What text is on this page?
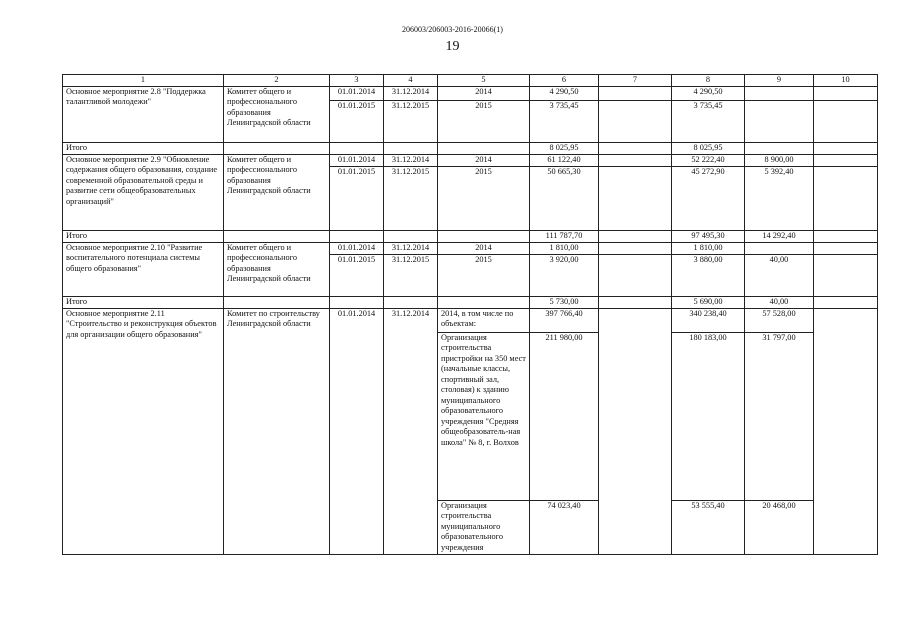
206003/206003-2016-20066(1)
19
1	2	3	4	5	6	7	8	9	10
Основное мероприятие 2.8 "Поддержка талантливой молодежи"	Комитет общего и профессионального образования Ленинградской области	01.01.2014	31.12.2014	2014	4 290,50		4 290,50		
		01.01.2015	31.12.2015	2015	3 735,45		3 735,45		
Итого					8 025,95		8 025,95		
Основное мероприятие 2.9 "Обновление содержания общего образования, создание современной образовательной среды и развитие сети общеобразовательных организаций"	Комитет общего и профессионального образования Ленинградской области	01.01.2014	31.12.2014	2014	61 122,40		52 222,40	8 900,00	
		01.01.2015	31.12.2015	2015	50 665,30		45 272,90	5 392,40	
Итого					111 787,70		97 495,30	14 292,40	
Основное мероприятие 2.10 "Развитие воспитательного потенциала системы общего образования"	Комитет общего и профессионального образования Ленинградской области	01.01.2014	31.12.2014	2014	1 810,00		1 810,00		
		01.01.2015	31.12.2015	2015	3 920,00		3 880,00	40,00	
Итого					5 730,00		5 690,00	40,00	
Основное мероприятие 2.11 "Строительство и реконструкция объектов для организации общего образования"	Комитет по строительству Ленинградской области	01.01.2014	31.12.2014	2014, в том числе по объектам:	397 766,40		340 238,40	57 528,00	
				Организация строительства пристройки на 350 мест (начальные классы, спортивный зал, столовая) к зданию муниципального образовательного учреждения "Средняя общеобразователь-ная школа" № 8, г. Волхов	211 980,00		180 183,00	31 797,00	
				Организация строительства муниципального образовательного учреждения	74 023,40		53 555,40	20 468,00	
